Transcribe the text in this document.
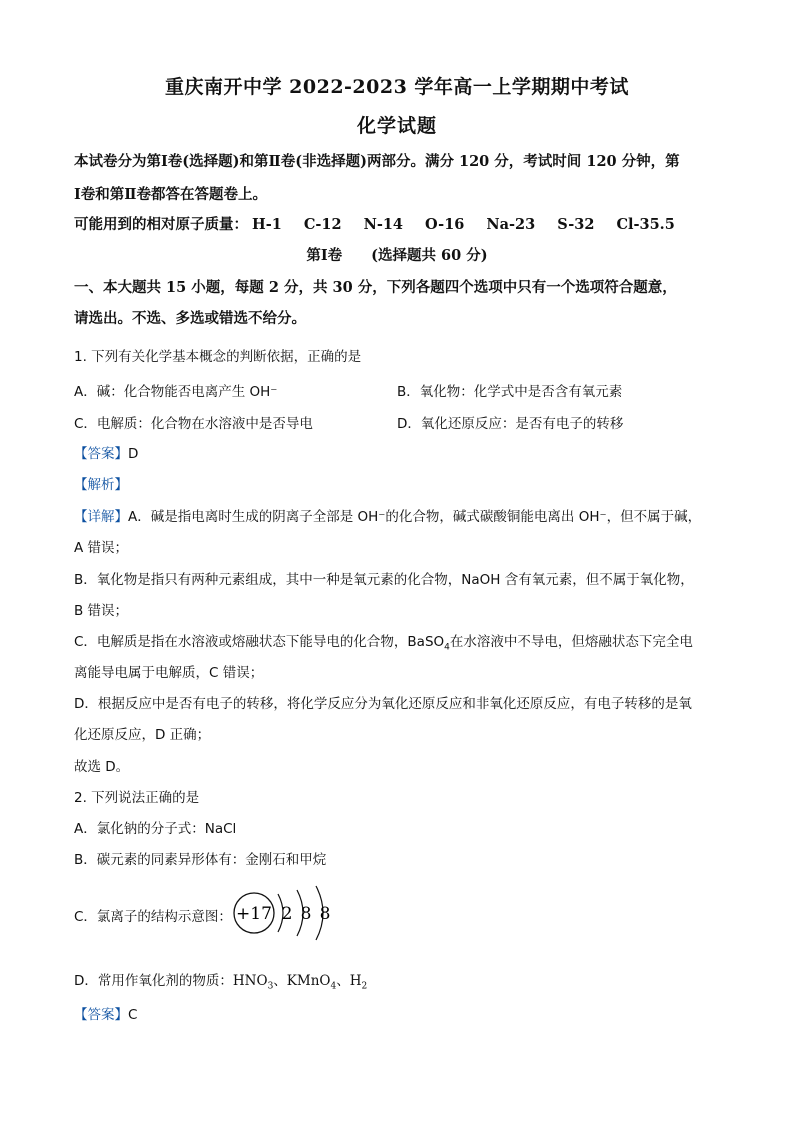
重庆南开中学 2022-2023 学年高一上学期期中考试
化学试题
本试卷分为第Ⅰ卷(选择题)和第Ⅱ卷(非选择题)两部分。满分 120 分，考试时间 120 分钟，第
Ⅰ卷和第Ⅱ卷都答在答题卷上。
可能用到的相对原子质量： H-1 C-12 N-14 O-16 Na-23 S-32 Cl-35.5
第Ⅰ卷　　(选择题共 60 分)
一、本大题共 15 小题，每题 2 分，共 30 分，下列各题四个选项中只有一个选项符合题意，
请选出。不选、多选或错选不给分。
1. 下列有关化学基本概念的判断依据，正确的是
A．碱：化合物能否电离产生 OH⁻	B．氧化物：化学式中是否含有氧元素
C．电解质：化合物在水溶液中是否导电	D．氧化还原反应：是否有电子的转移
【答案】D
【解析】
【详解】A．碱是指电离时生成的阴离子全部是 OH⁻的化合物，碱式碳酸铜能电离出 OH⁻，但不属于碱，
A 错误；
B．氧化物是指只有两种元素组成，其中一种是氧元素的化合物，NaOH 含有氧元素，但不属于氧化物，
B 错误；
C．电解质是指在水溶液或熔融状态下能导电的化合物，BaSO$_4$在水溶液中不导电，但熔融状态下完全电
离能导电属于电解质，C 错误；
D．根据反应中是否有电子的转移，将化学反应分为氧化还原反应和非氧化还原反应，有电子转移的是氧
化还原反应，D 正确；
故选 D。
2. 下列说法正确的是
A．氯化钠的分子式：NaCl
B．碳元素的同素异形体有：金刚石和甲烷
C．氯离子的结构示意图： +17 2 8 8
D．常用作氧化剂的物质：$HNO_3$、KMnO$_4$、$H_2$
【答案】C
